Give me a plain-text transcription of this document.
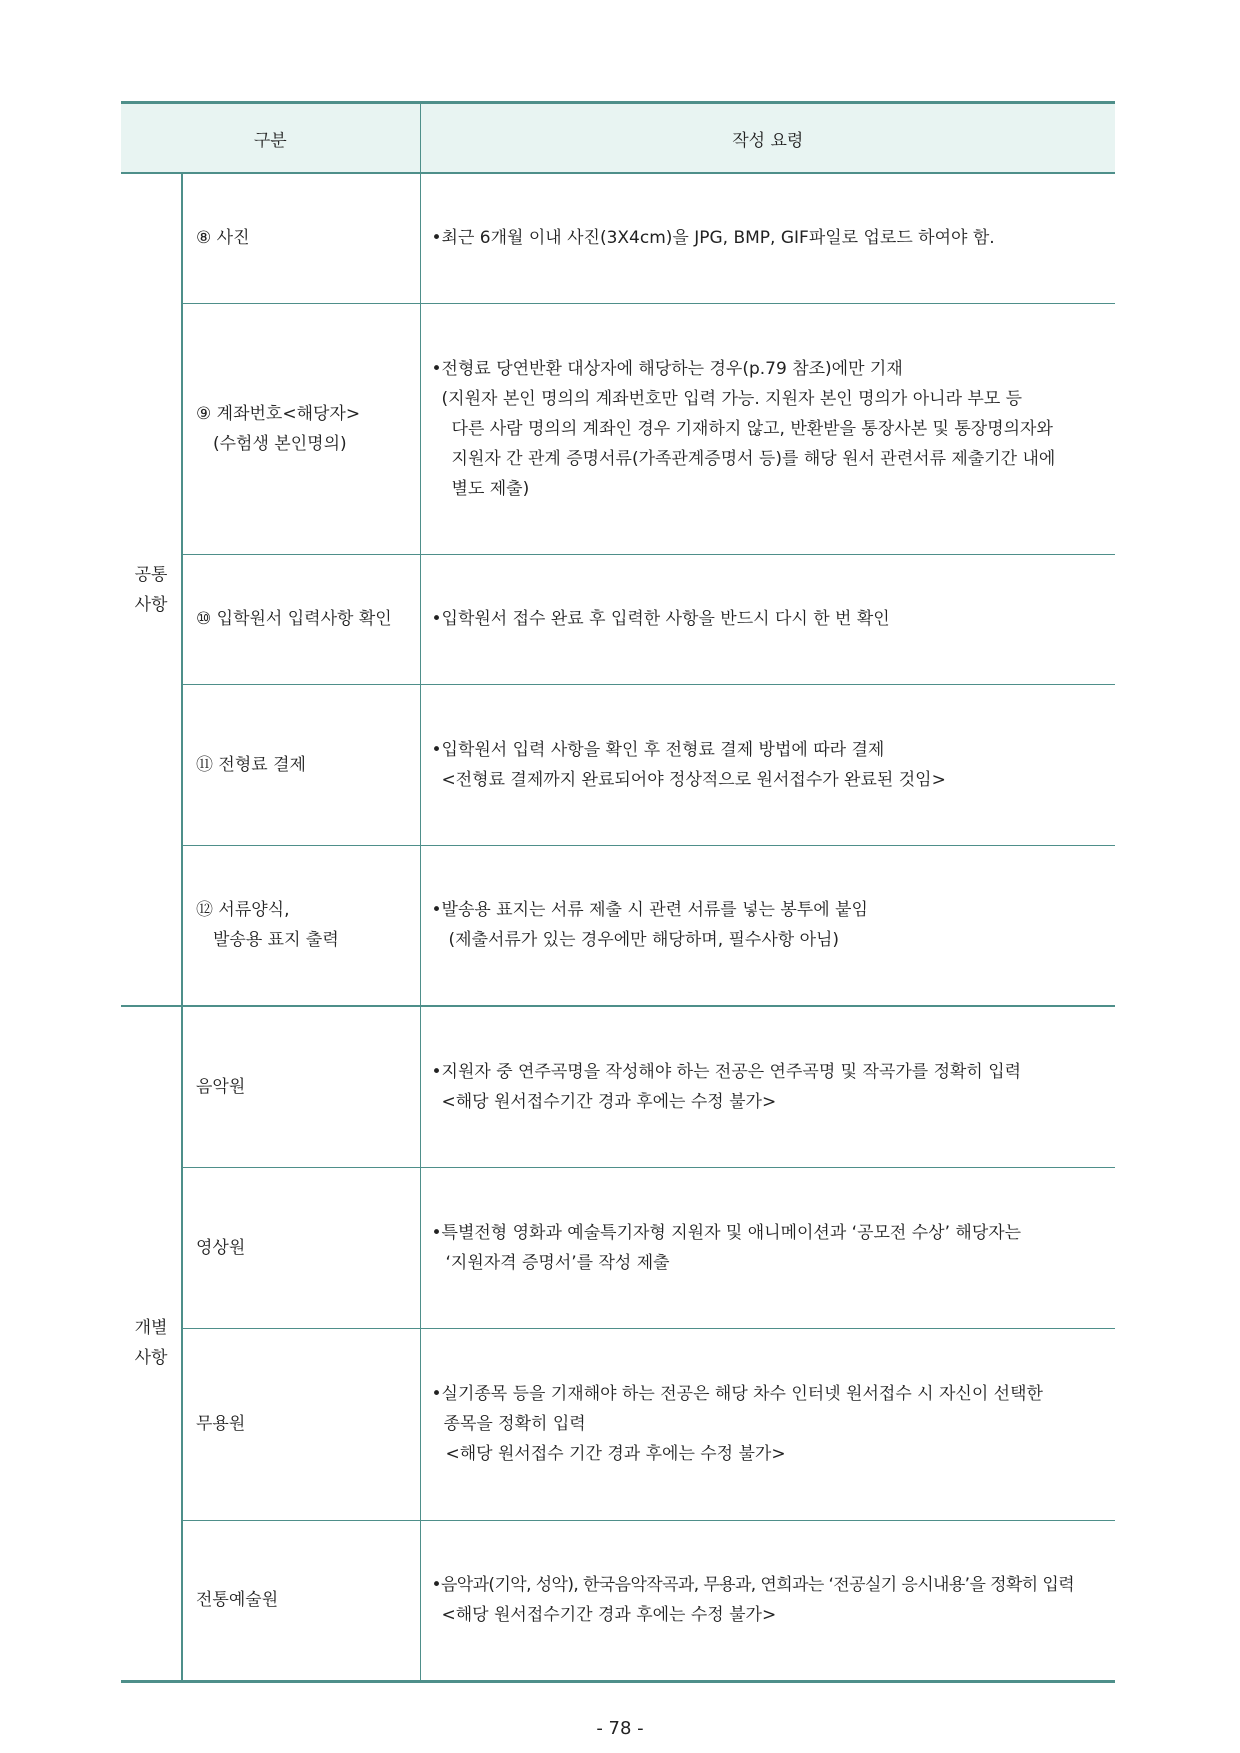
구분		작성 요령

공통
사항	⑧ 사진	•최근 6개월 이내 사진(3X4cm)을 JPG, BMP, GIF파일로 업로드 하여야 함.

	⑨ 계좌번호<해당자>
(수험생 본인명의)	•전형료 당연반환 대상자에 해당하는 경우(p.79 참조)에만 기재
(지원자 본인 명의의 계좌번호만 입력 가능. 지원자 본인 명의가 아니라 부모 등
다른 사람 명의의 계좌인 경우 기재하지 않고, 반환받을 통장사본 및 통장명의자와
지원자 간 관계 증명서류(가족관계증명서 등)를 해당 원서 관련서류 제출기간 내에
별도 제출)

	⑩ 입학원서 입력사항 확인	•입학원서 접수 완료 후 입력한 사항을 반드시 다시 한 번 확인

	⑪ 전형료 결제	•입학원서 입력 사항을 확인 후 전형료 결제 방법에 따라 결제
<전형료 결제까지 완료되어야 정상적으로 원서접수가 완료된 것임>

	⑫ 서류양식,
발송용 표지 출력	•발송용 표지는 서류 제출 시 관련 서류를 넣는 봉투에 붙임
(제출서류가 있는 경우에만 해당하며, 필수사항 아님)

개별
사항	음악원	•지원자 중 연주곡명을 작성해야 하는 전공은 연주곡명 및 작곡가를 정확히 입력
<해당 원서접수기간 경과 후에는 수정 불가>

	영상원	•특별전형 영화과 예술특기자형 지원자 및 애니메이션과 ‘공모전 수상’ 해당자는
‘지원자격 증명서’를 작성 제출

	무용원	•실기종목 등을 기재해야 하는 전공은 해당 차수 인터넷 원서접수 시 자신이 선택한
종목을 정확히 입력
<해당 원서접수 기간 경과 후에는 수정 불가>

	전통예술원	•음악과(기악, 성악), 한국음악작곡과, 무용과, 연희과는 ‘전공실기 응시내용’을 정확히 입력
<해당 원서접수기간 경과 후에는 수정 불가>
- 78 -
